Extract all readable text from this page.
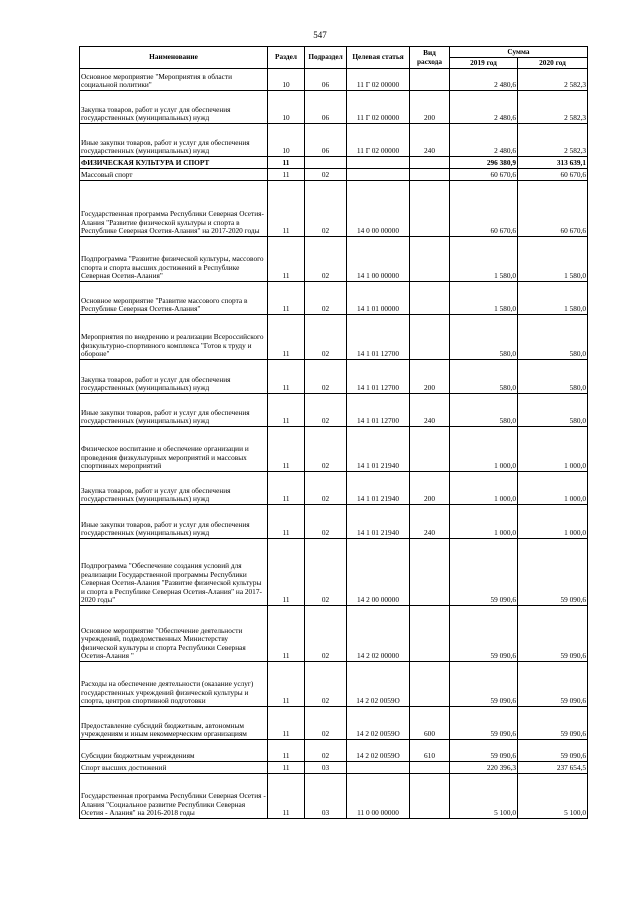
547
Наименование	Раздел	Подраздел	Целевая статья	Вид расхода	Сумма	
					2019 год	2020 год
Основное мероприятие "Мероприятия в области социальной политики"	10	06	11 Г 02 00000		2 480,6	2 582,3
Закупка товаров, работ и услуг для обеспечения государственных (муниципальных) нужд	10	06	11 Г 02 00000	200	2 480,6	2 582,3
Иные закупки товаров, работ и услуг для обеспечения государственных (муниципальных) нужд	10	06	11 Г 02 00000	240	2 480,6	2 582,3
ФИЗИЧЕСКАЯ КУЛЬТУРА И СПОРТ	11				296 380,9	313 639,1
Массовый спорт	11	02			60 670,6	60 670,6
Государственная программа Республики Северная Осетия-Алания "Развитие физической культуры и спорта в Республике Северная Осетия-Алания" на 2017-2020 годы	11	02	14 0 00 00000		60 670,6	60 670,6
Подпрограмма "Развитие физической культуры, массового спорта и спорта высших достижений в Республике Северная Осетия-Алания"	11	02	14 1 00 00000		1 580,0	1 580,0
Основное мероприятие "Развитие массового спорта в Республике Северная Осетия-Алания"	11	02	14 1 01 00000		1 580,0	1 580,0
Мероприятия по внедрению и реализации Всероссийского физкультурно-спортивного комплекса "Готов к труду и обороне"	11	02	14 1 01 12700		580,0	580,0
Закупка товаров, работ и услуг для обеспечения государственных (муниципальных) нужд	11	02	14 1 01 12700	200	580,0	580,0
Иные закупки товаров, работ и услуг для обеспечения государственных (муниципальных) нужд	11	02	14 1 01 12700	240	580,0	580,0
Физическое воспитание и обеспечение организации и проведения физкультурных мероприятий и массовых спортивных мероприятий	11	02	14 1 01 21940		1 000,0	1 000,0
Закупка товаров, работ и услуг для обеспечения государственных (муниципальных) нужд	11	02	14 1 01 21940	200	1 000,0	1 000,0
Иные закупки товаров, работ и услуг для обеспечения государственных (муниципальных) нужд	11	02	14 1 01 21940	240	1 000,0	1 000,0
Подпрограмма "Обеспечение создания условий для реализации Государственной программы Республики Северная Осетия-Алания "Развитие физической культуры и спорта в Республике Северная Осетия-Алания" на 2017-2020 годы"	11	02	14 2 00 00000		59 090,6	59 090,6
Основное мероприятие "Обеспечение деятельности учреждений, подведомственных Министерству физической культуры и спорта Республики Северная Осетия-Алания "	11	02	14 2 02 00000		59 090,6	59 090,6
Расходы на обеспечение деятельности (оказание услуг) государственных учреждений физической культуры и спорта, центров спортивной подготовки	11	02	14 2 02 0059О		59 090,6	59 090,6
Предоставление субсидий бюджетным, автономным учреждениям и иным некоммерческим организациям	11	02	14 2 02 0059О	600	59 090,6	59 090,6
Субсидии бюджетным учреждениям	11	02	14 2 02 0059О	610	59 090,6	59 090,6
Спорт высших достижений	11	03			220 396,3	237 654,5
Государственная программа Республики Северная Осетия - Алания "Социальное развитие Республики Северная Осетия - Алания" на 2016-2018 годы	11	03	11 0 00 00000		5 100,0	5 100,0
